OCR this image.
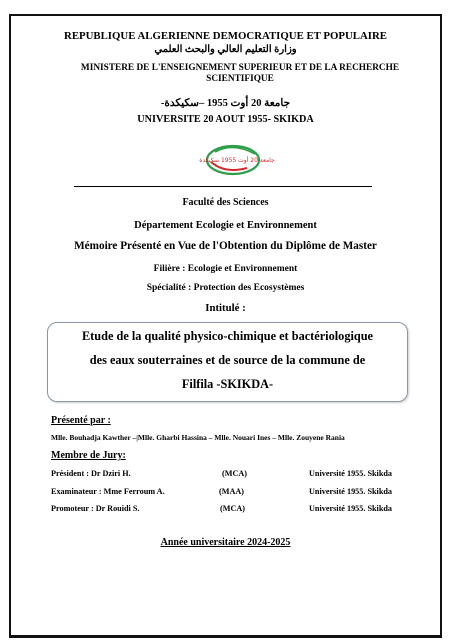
REPUBLIQUE ALGERIENNE DEMOCRATIQUE ET POPULAIRE
وزارة التعليم العالي والبحث العلمي
MINISTERE DE L'ENSEIGNEMENT SUPERIEUR ET DE LA RECHERCHE
SCIENTIFIQUE
جامعة 20 أوت 1955 –سكيكدة-
UNIVERSITE 20 AOUT 1955- SKIKDA
جامعة 20 أوت 1955 سكيكدة
Faculté des Sciences
Département Ecologie et Environnement
Mémoire Présenté en Vue de l'Obtention du Diplôme de Master
Filière : Ecologie et Environnement
Spécialité : Protection des Ecosystèmes
Intitulé :
Etude de la qualité physico-chimique et bactériologique
des eaux souterraines et de source de la commune de
Filfila -SKIKDA-
Présenté par :
Mlle. Bouhadja Kawther –|Mlle. Gharbi Hassina – Mlle. Nouari Ines – Mlle. Zouyene Rania
Membre de Jury:
Président : Dr Dziri H.	(MCA)	Université 1955. Skikda
Examinateur : Mme Ferroum A.	(MAA)	Université 1955. Skikda
Promoteur : Dr Rouidi S.	(MCA)	Université 1955. Skikda
Année universitaire 2024-2025
